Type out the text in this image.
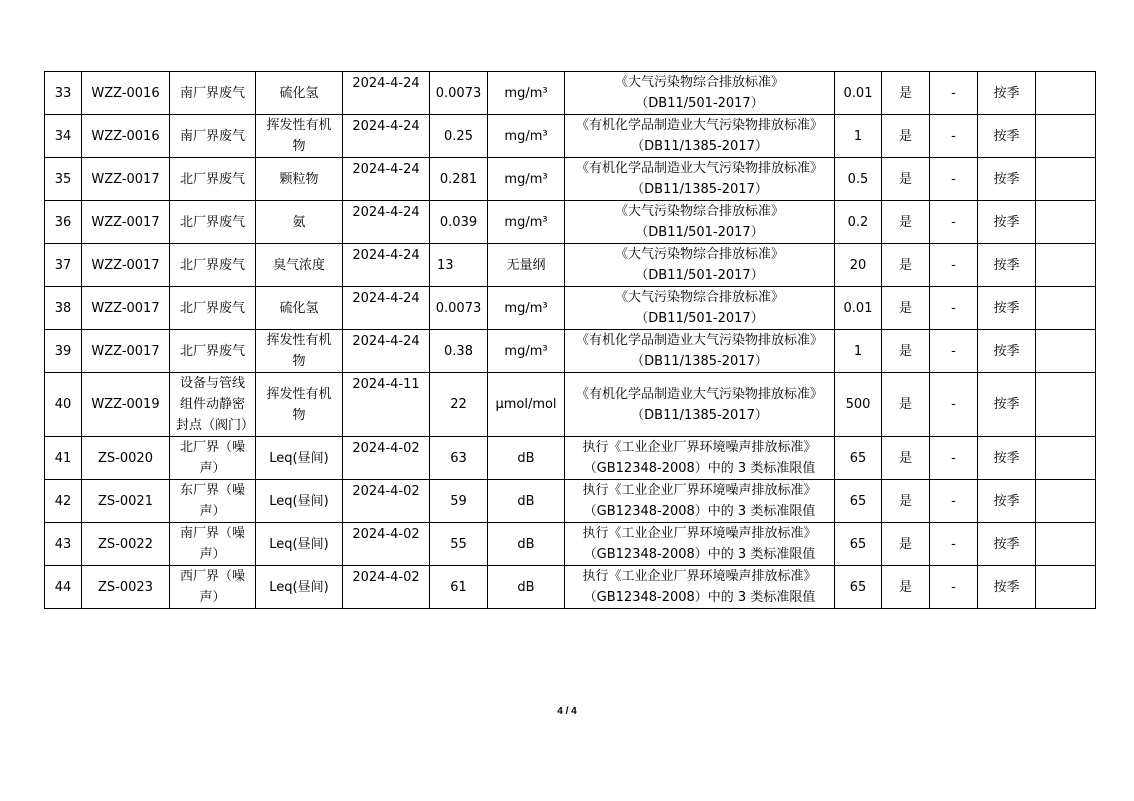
33	WZZ-0016	南厂界废气	硫化氢	2024-4-24	0.0073	mg/m³	《大气污染物综合排放标准》
（DB11/501-2017）	0.01	是	-	按季	
34	WZZ-0016	南厂界废气	挥发性有机物	2024-4-24	0.25	mg/m³	《有机化学品制造业大气污染物排放标准》
（DB11/1385-2017）	1	是	-	按季	
35	WZZ-0017	北厂界废气	颗粒物	2024-4-24	0.281	mg/m³	《有机化学品制造业大气污染物排放标准》
（DB11/1385-2017）	0.5	是	-	按季	
36	WZZ-0017	北厂界废气	氨	2024-4-24	0.039	mg/m³	《大气污染物综合排放标准》
（DB11/501-2017）	0.2	是	-	按季	
37	WZZ-0017	北厂界废气	臭气浓度	2024-4-24	13	无量纲	《大气污染物综合排放标准》
（DB11/501-2017）	20	是	-	按季	
38	WZZ-0017	北厂界废气	硫化氢	2024-4-24	0.0073	mg/m³	《大气污染物综合排放标准》
（DB11/501-2017）	0.01	是	-	按季	
39	WZZ-0017	北厂界废气	挥发性有机物	2024-4-24	0.38	mg/m³	《有机化学品制造业大气污染物排放标准》
（DB11/1385-2017）	1	是	-	按季	
40	WZZ-0019	设备与管线组件动静密封点（阀门）	挥发性有机物	2024-4-11	22	μmol/mol	《有机化学品制造业大气污染物排放标准》
（DB11/1385-2017）	500	是	-	按季	
41	ZS-0020	北厂界（噪声）	Leq(昼间)	2024-4-02	63	dB	执行《工业企业厂界环境噪声排放标准》
（GB12348-2008）中的 3 类标准限值	65	是	-	按季	
42	ZS-0021	东厂界（噪声）	Leq(昼间)	2024-4-02	59	dB	执行《工业企业厂界环境噪声排放标准》
（GB12348-2008）中的 3 类标准限值	65	是	-	按季	
43	ZS-0022	南厂界（噪声）	Leq(昼间)	2024-4-02	55	dB	执行《工业企业厂界环境噪声排放标准》
（GB12348-2008）中的 3 类标准限值	65	是	-	按季	
44	ZS-0023	西厂界（噪声）	Leq(昼间)	2024-4-02	61	dB	执行《工业企业厂界环境噪声排放标准》
（GB12348-2008）中的 3 类标准限值	65	是	-	按季	
4 / 4
